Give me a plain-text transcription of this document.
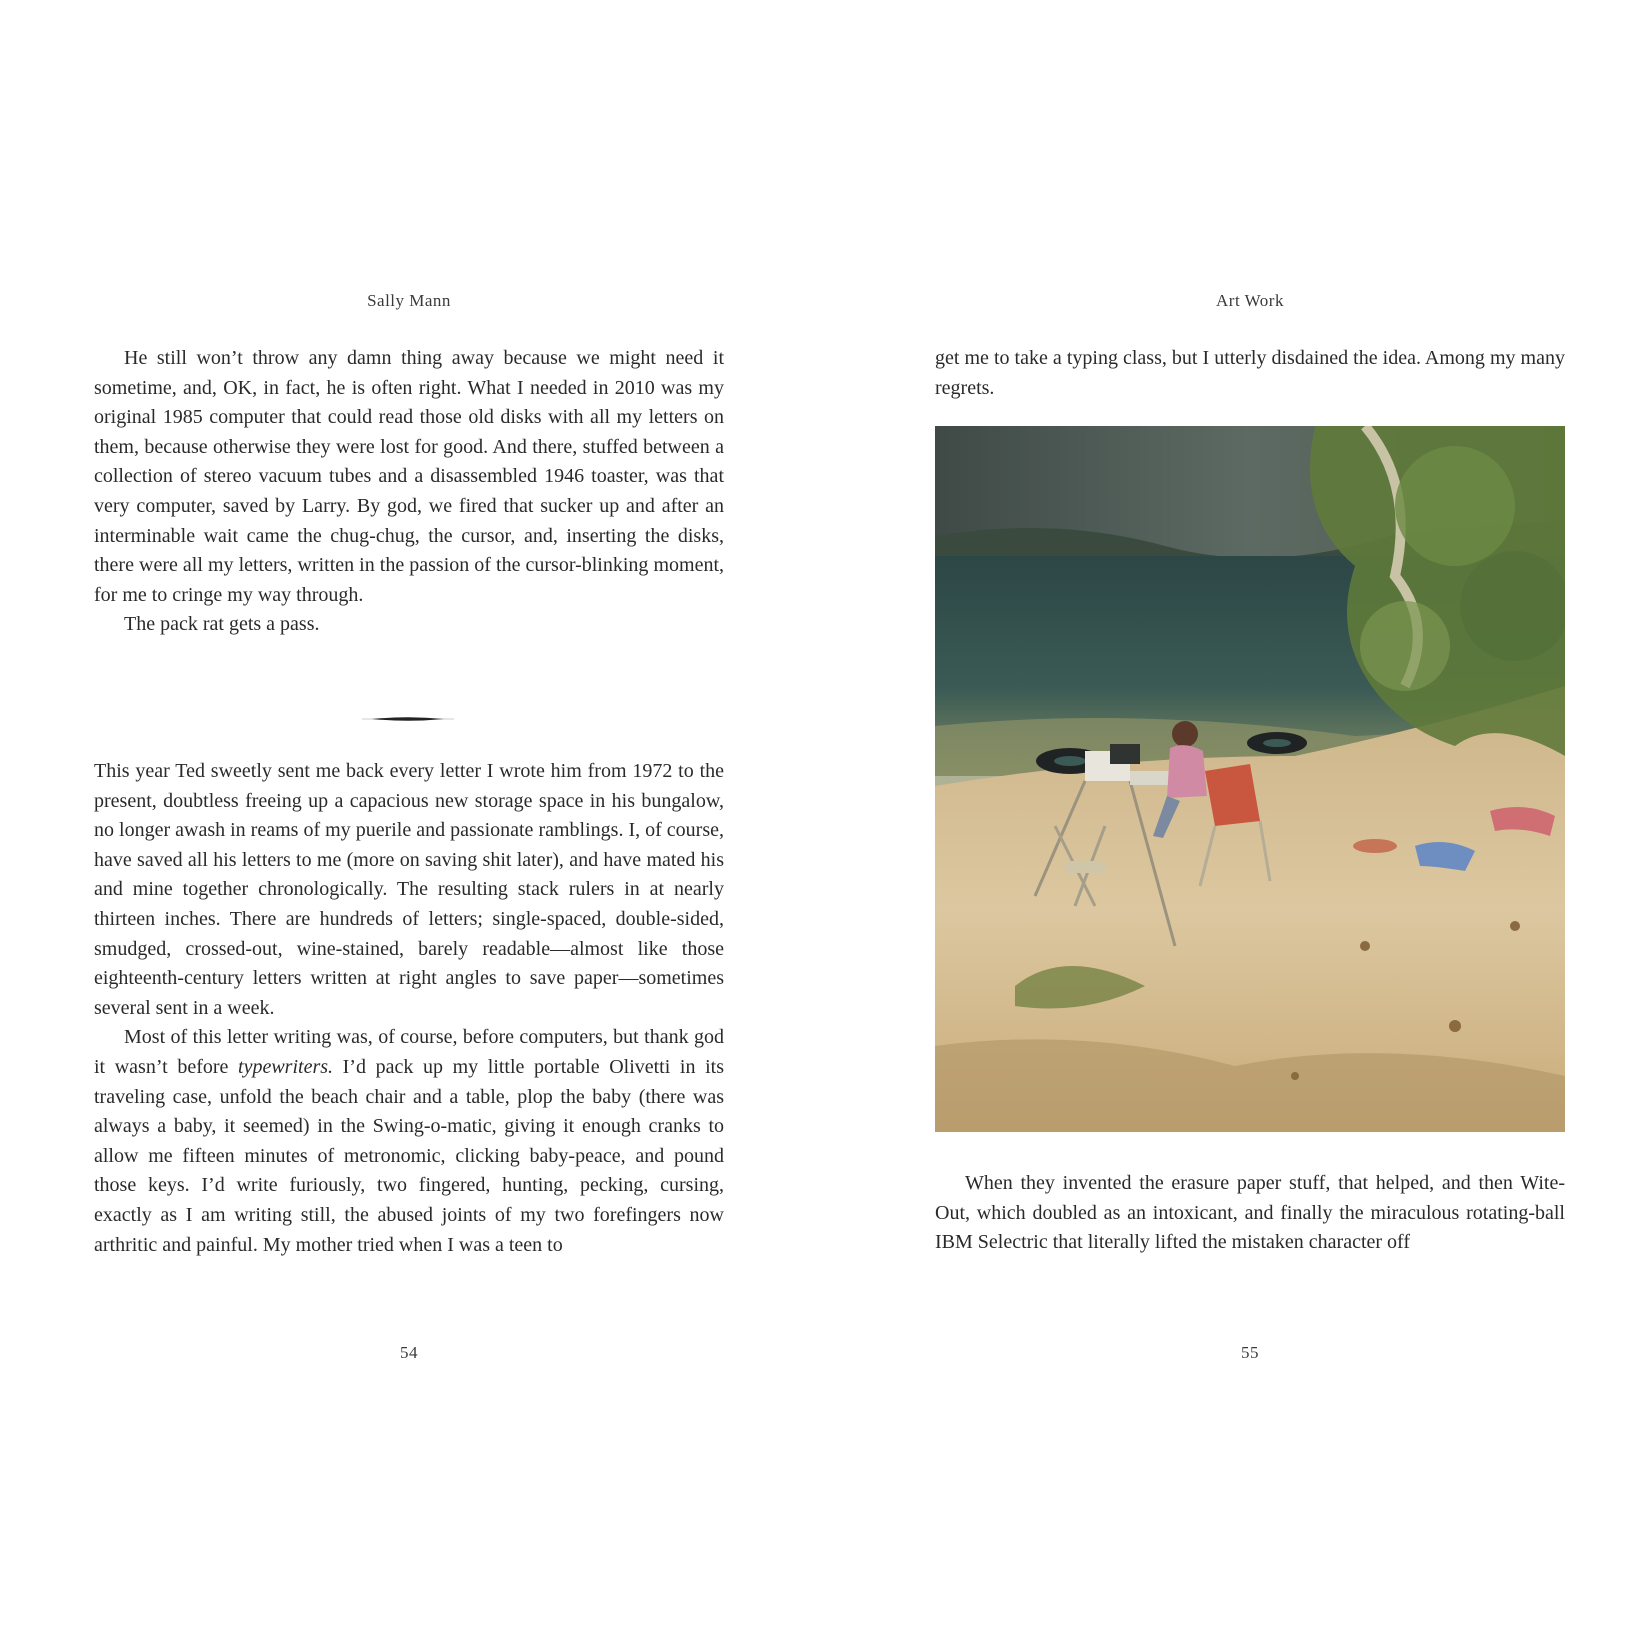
Sally Mann

He still won’t throw any damn thing away because we might need it sometime, and, OK, in fact, he is often right. What I needed in 2010 was my original 1985 computer that could read those old disks with all my letters on them, because otherwise they were lost for good. And there, stuffed between a collection of stereo vacuum tubes and a disassembled 1946 toaster, was that very computer, saved by Larry. By god, we fired that sucker up and after an interminable wait came the chug-chug, the cursor, and, inserting the disks, there were all my letters, written in the passion of the cursor-blinking moment, for me to cringe my way through.

The pack rat gets a pass.

This year Ted sweetly sent me back every letter I wrote him from 1972 to the present, doubtless freeing up a capacious new storage space in his bungalow, no longer awash in reams of my puerile and passionate ramblings. I, of course, have saved all his letters to me (more on saving shit later), and have mated his and mine together chronologically. The resulting stack rulers in at nearly thirteen inches. There are hundreds of letters; single-spaced, double-sided, smudged, crossed-out, wine-stained, barely readable—almost like those eighteenth-century letters written at right angles to save paper—sometimes several sent in a week.

Most of this letter writing was, of course, before computers, but thank god it wasn’t before typewriters. I’d pack up my little portable Olivetti in its traveling case, unfold the beach chair and a table, plop the baby (there was always a baby, it seemed) in the Swing-o-matic, giving it enough cranks to allow me fifteen minutes of metronomic, clicking baby-peace, and pound those keys. I’d write furiously, two fingered, hunting, pecking, cursing, exactly as I am writing still, the abused joints of my two forefingers now arthritic and painful. My mother tried when I was a teen to

54
Art Work

get me to take a typing class, but I utterly disdained the idea. Among my many regrets.

When they invented the erasure paper stuff, that helped, and then Wite-Out, which doubled as an intoxicant, and finally the miraculous rotating-ball IBM Selectric that literally lifted the mistaken character off

55
